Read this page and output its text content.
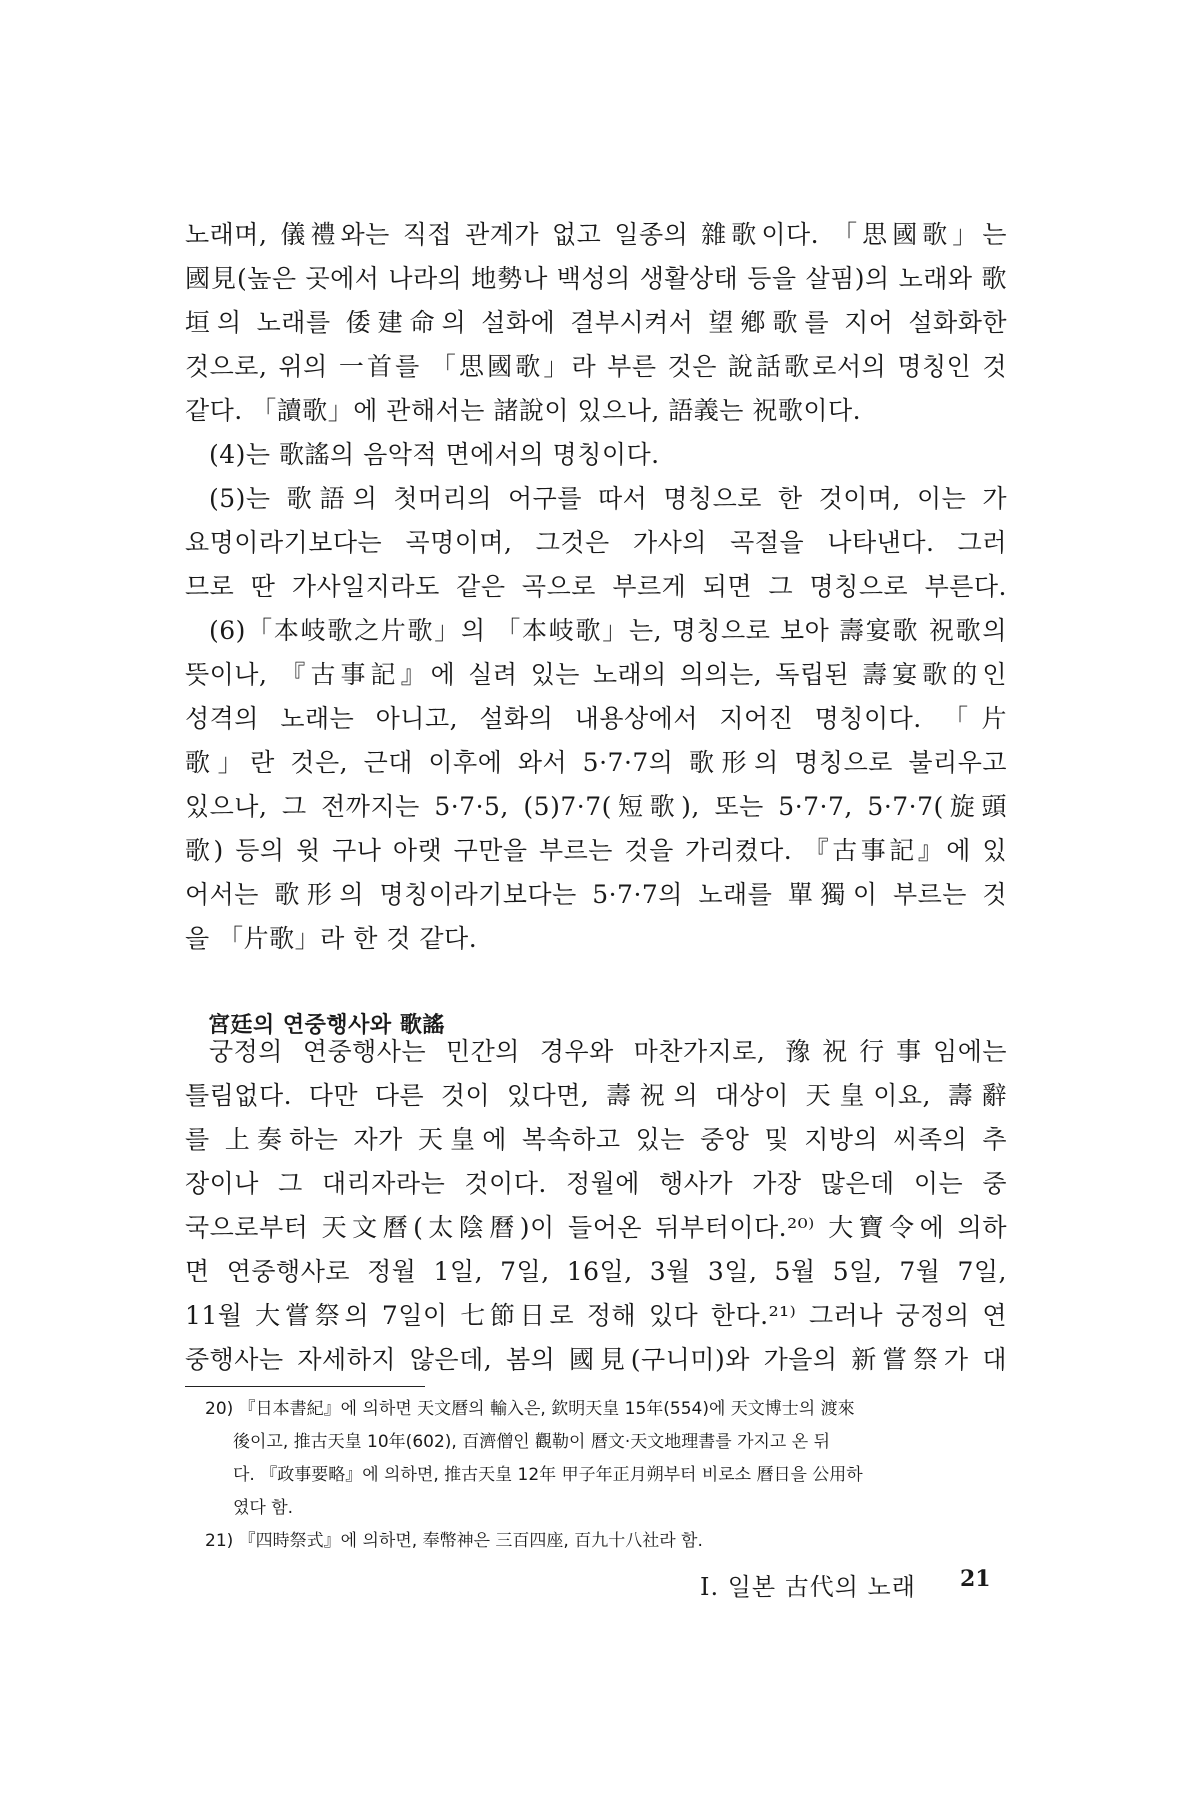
노래며, 儀禮와는 직접 관계가 없고 일종의 雜歌이다. 「思國歌」는
國見(높은 곳에서 나라의 地勢나 백성의 생활상태 등을 살핌)의 노래와 歌
垣의 노래를 倭建命의 설화에 결부시켜서 望鄕歌를 지어 설화화한
것으로, 위의 一首를 「思國歌」라 부른 것은 說話歌로서의 명칭인 것
같다. 「讀歌」에 관해서는 諸說이 있으나, 語義는 祝歌이다.
(4)는 歌謠의 음악적 면에서의 명칭이다.
(5)는 歌語의 첫머리의 어구를 따서 명칭으로 한 것이며, 이는 가
요명이라기보다는 곡명이며, 그것은 가사의 곡절을 나타낸다. 그러
므로 딴 가사일지라도 같은 곡으로 부르게 되면 그 명칭으로 부른다.
(6)「本岐歌之片歌」의 「本岐歌」는, 명칭으로 보아 壽宴歌 祝歌의
뜻이나, 『古事記』에 실려 있는 노래의 의의는, 독립된 壽宴歌的인
성격의 노래는 아니고, 설화의 내용상에서 지어진 명칭이다. 「片
歌」란 것은, 근대 이후에 와서 5·7·7의 歌形의 명칭으로 불리우고
있으나, 그 전까지는 5·7·5, (5)7·7(短歌), 또는 5·7·7, 5·7·7(旋頭
歌) 등의 윗 구나 아랫 구만을 부르는 것을 가리켰다. 『古事記』에 있
어서는 歌形의 명칭이라기보다는 5·7·7의 노래를 單獨이 부르는 것
을 「片歌」라 한 것 같다.
宮廷의 연중행사와 歌謠
궁정의 연중행사는 민간의 경우와 마찬가지로, 豫祝行事임에는
틀림없다. 다만 다른 것이 있다면, 壽祝의 대상이 天皇이요, 壽辭
를 上奏하는 자가 天皇에 복속하고 있는 중앙 및 지방의 씨족의 추
장이나 그 대리자라는 것이다. 정월에 행사가 가장 많은데 이는 중
국으로부터 天文曆(太陰曆)이 들어온 뒤부터이다.²⁰⁾ 大寶令에 의하
면 연중행사로 정월 1일, 7일, 16일, 3월 3일, 5월 5일, 7월 7일,
11월 大嘗祭의 7일이 七節日로 정해 있다 한다.²¹⁾ 그러나 궁정의 연
중행사는 자세하지 않은데, 봄의 國見(구니미)와 가을의 新嘗祭가 대
20) 『日本書紀』에 의하면 天文曆의 輸入은, 欽明天皇 15年(554)에 天文博士의 渡來
後이고, 推古天皇 10年(602), 百濟僧인 觀勒이 曆文·天文地理書를 가지고 온 뒤
다. 『政事要略』에 의하면, 推古天皇 12年 甲子年正月朔부터 비로소 曆日을 公用하
였다 함.
21) 『四時祭式』에 의하면, 奉幣神은 三百四座, 百九十八社라 함.
I. 일본 古代의 노래 21
